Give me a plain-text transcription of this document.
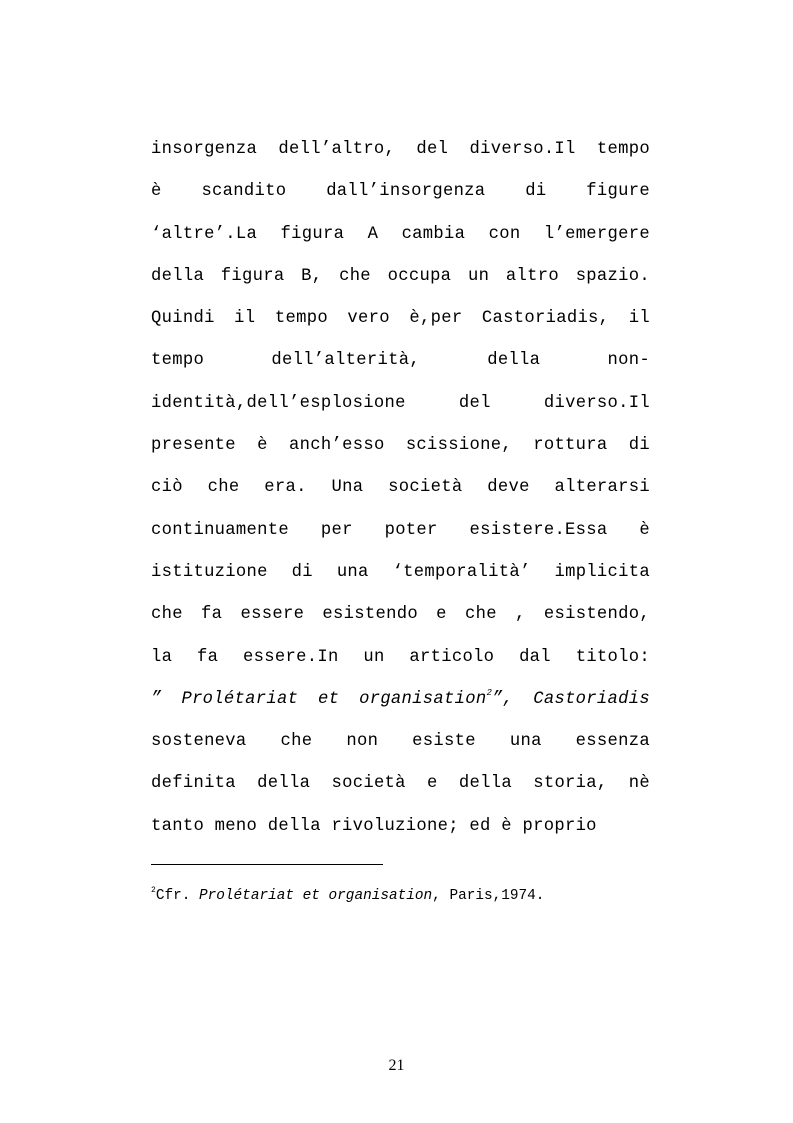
insorgenza dell’altro, del diverso.Il tempo
è scandito dall’insorgenza di figure
‘altre’.La figura A cambia con l’emergere
della figura B, che occupa un altro spazio.
Quindi il tempo vero è,per Castoriadis, il
tempo dell’alterità, della non-
identità,dell’esplosione del diverso.Il
presente è anch’esso scissione, rottura di
ciò che era. Una società deve alterarsi
continuamente per poter esistere.Essa è
istituzione di una ‘temporalità’ implicita
che fa essere esistendo e che , esistendo,
la fa essere.In un articolo dal titolo:
” Prolétariat et organisation$^2$”, Castoriadis
sosteneva che non esiste una essenza
definita della società e della storia, nè
tanto meno della rivoluzione; ed è proprio
$^2$Cfr. Prolétariat et organisation, Paris,1974.
21
